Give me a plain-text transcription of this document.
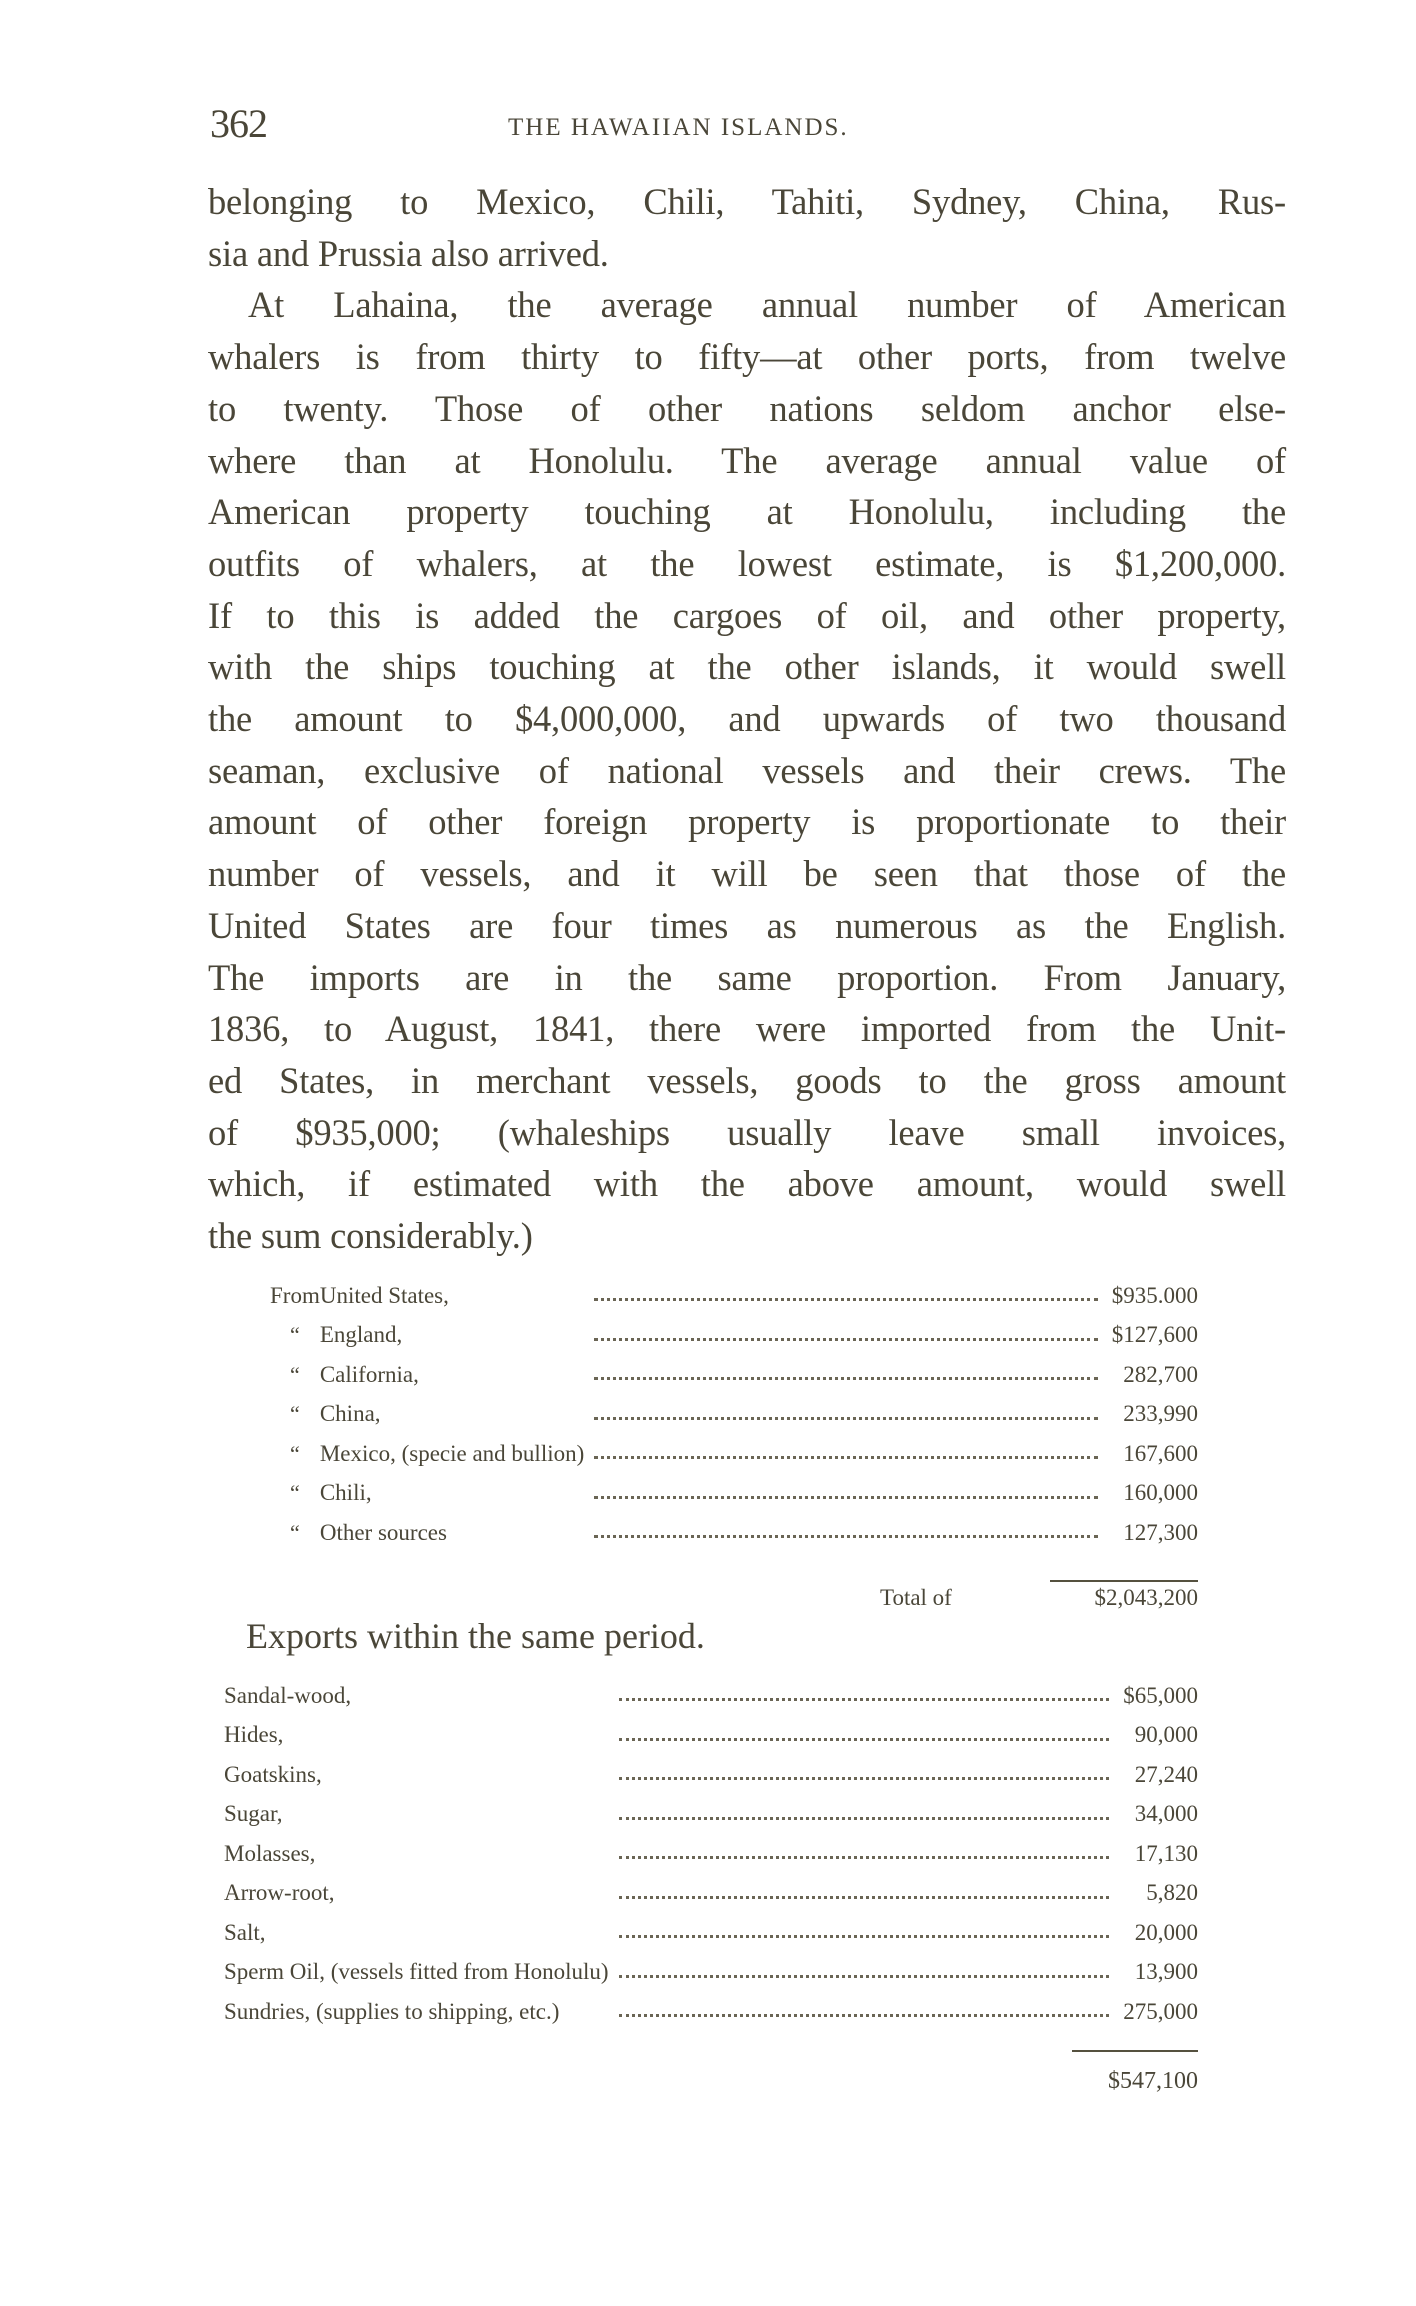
362	THE HAWAIIAN ISLANDS.
belonging to Mexico, Chili, Tahiti, Sydney, China, Rus-
sia and Prussia also arrived.
At Lahaina, the average annual number of American
whalers is from thirty to fifty—at other ports, from twelve
to twenty. Those of other nations seldom anchor else-
where than at Honolulu. The average annual value of
American property touching at Honolulu, including the
outfits of whalers, at the lowest estimate, is $1,200,000.
If to this is added the cargoes of oil, and other property,
with the ships touching at the other islands, it would swell
the amount to $4,000,000, and upwards of two thousand
seaman, exclusive of national vessels and their crews. The
amount of other foreign property is proportionate to their
number of vessels, and it will be seen that those of the
United States are four times as numerous as the English.
The imports are in the same proportion. From January,
1836, to August, 1841, there were imported from the Unit-
ed States, in merchant vessels, goods to the gross amount
of $935,000; (whaleships usually leave small invoices,
which, if estimated with the above amount, would swell
the sum considerably.)
From	United States,		$935.000
“	England,		$127,600
“	California,		282,700
“	China,		233,990
“	Mexico, (specie and bullion)		167,600
“	Chili,		160,000
“	Other sources		127,300
Total of	$2,043,200
Exports within the same period.
Sandal-wood,		$65,000
Hides,		90,000
Goatskins,		27,240
Sugar,		34,000
Molasses,		17,130
Arrow-root,		5,820
Salt,		20,000
Sperm Oil, (vessels fitted from Honolulu)		13,900
Sundries, (supplies to shipping, etc.)		275,000
$547,100
